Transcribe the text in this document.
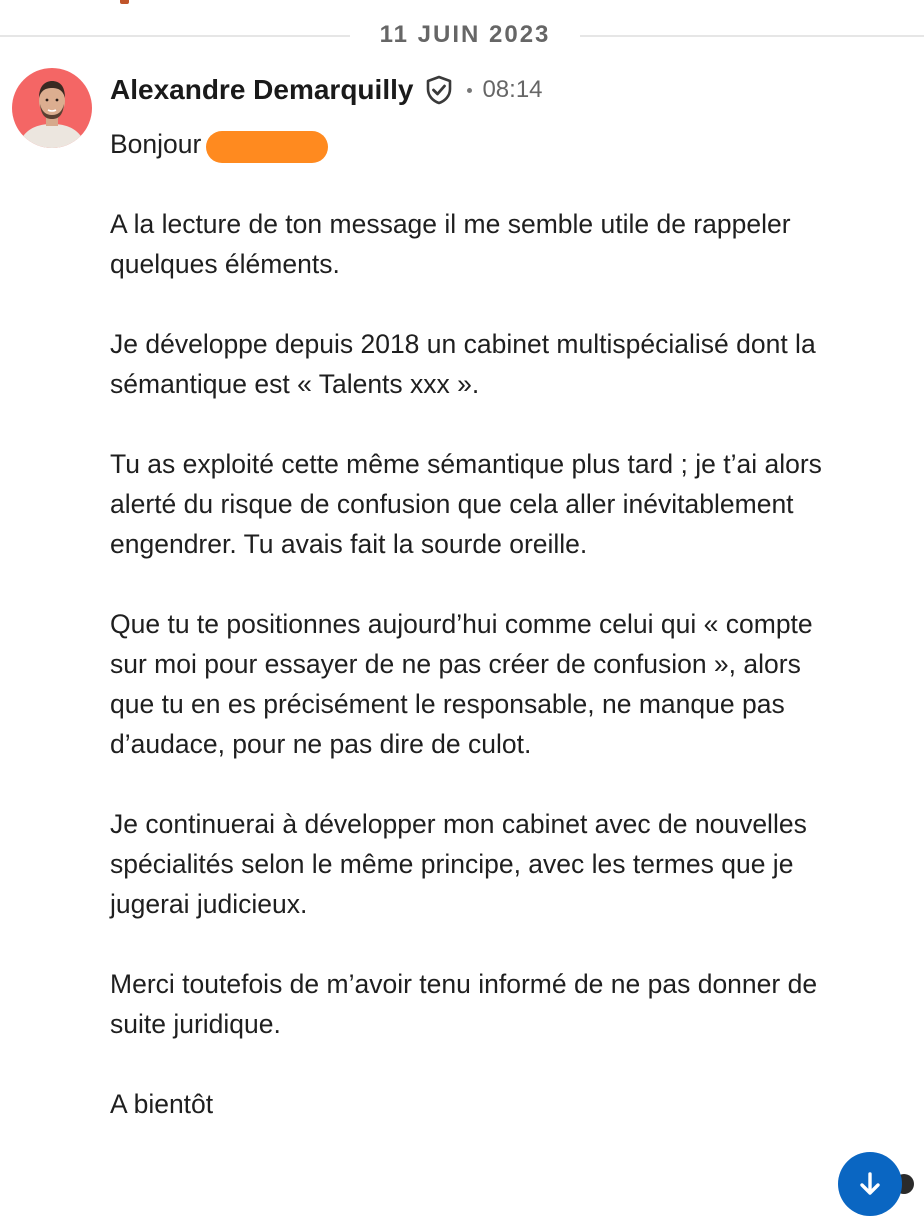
11 JUIN 2023
Alexandre Demarquilly	08:14

Bonjour

A la lecture de ton message il me semble utile de rappeler quelques éléments.

Je développe depuis 2018 un cabinet multispécialisé dont la sémantique est « Talents xxx ».

Tu as exploité cette même sémantique plus tard ; je t’ai alors alerté du risque de confusion que cela aller inévitablement engendrer. Tu avais fait la sourde oreille.

Que tu te positionnes aujourd’hui comme celui qui « compte sur moi pour essayer de ne pas créer de confusion », alors que tu en es précisément le responsable, ne manque pas d’audace, pour ne pas dire de culot.

Je continuerai à développer mon cabinet avec de nouvelles spécialités selon le même principe, avec les termes que je jugerai judicieux.

Merci toutefois de m’avoir tenu informé de ne pas donner de suite juridique.

A bientôt
